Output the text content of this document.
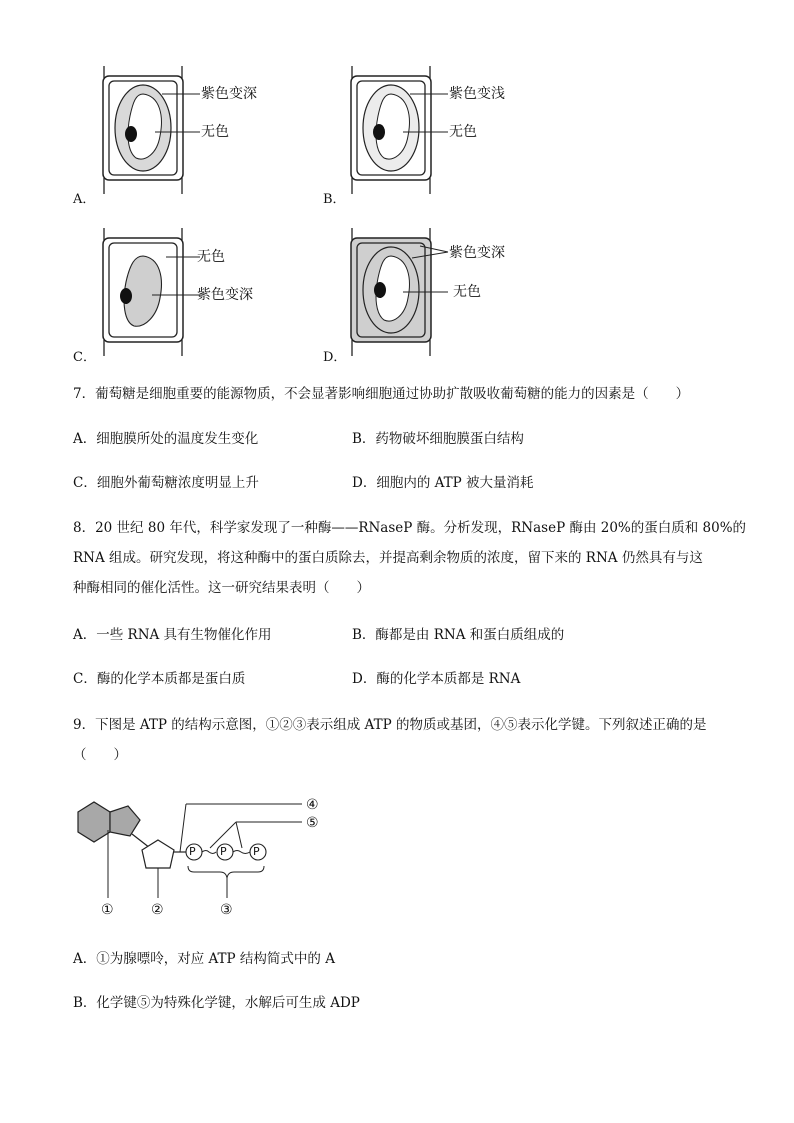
紫色变深
无色
A．
紫色变浅
无色
B．
无色
紫色变深
C．
紫色变深
无色
D．
7．葡萄糖是细胞重要的能源物质，不会显著影响细胞通过协助扩散吸收葡萄糖的能力的因素是（　　）
A．细胞膜所处的温度发生变化	B．药物破坏细胞膜蛋白结构
C．细胞外葡萄糖浓度明显上升	D．细胞内的 ATP 被大量消耗
8．20 世纪 80 年代，科学家发现了一种酶——RNaseP 酶。分析发现，RNaseP 酶由 20%的蛋白质和 80%的
RNA 组成。研究发现，将这种酶中的蛋白质除去，并提高剩余物质的浓度，留下来的 RNA 仍然具有与这
种酶相同的催化活性。这一研究结果表明（　　）
A．一些 RNA 具有生物催化作用	B．酶都是由 RNA 和蛋白质组成的
C．酶的化学本质都是蛋白质	D．酶的化学本质都是 RNA
9．下图是 ATP 的结构示意图，①②③表示组成 ATP 的物质或基团，④⑤表示化学键。下列叙述正确的是
（　　）
④
⑤
P P P
①	②	③
A．①为腺嘌呤，对应 ATP 结构简式中的 A
B．化学键⑤为特殊化学键，水解后可生成 ADP
